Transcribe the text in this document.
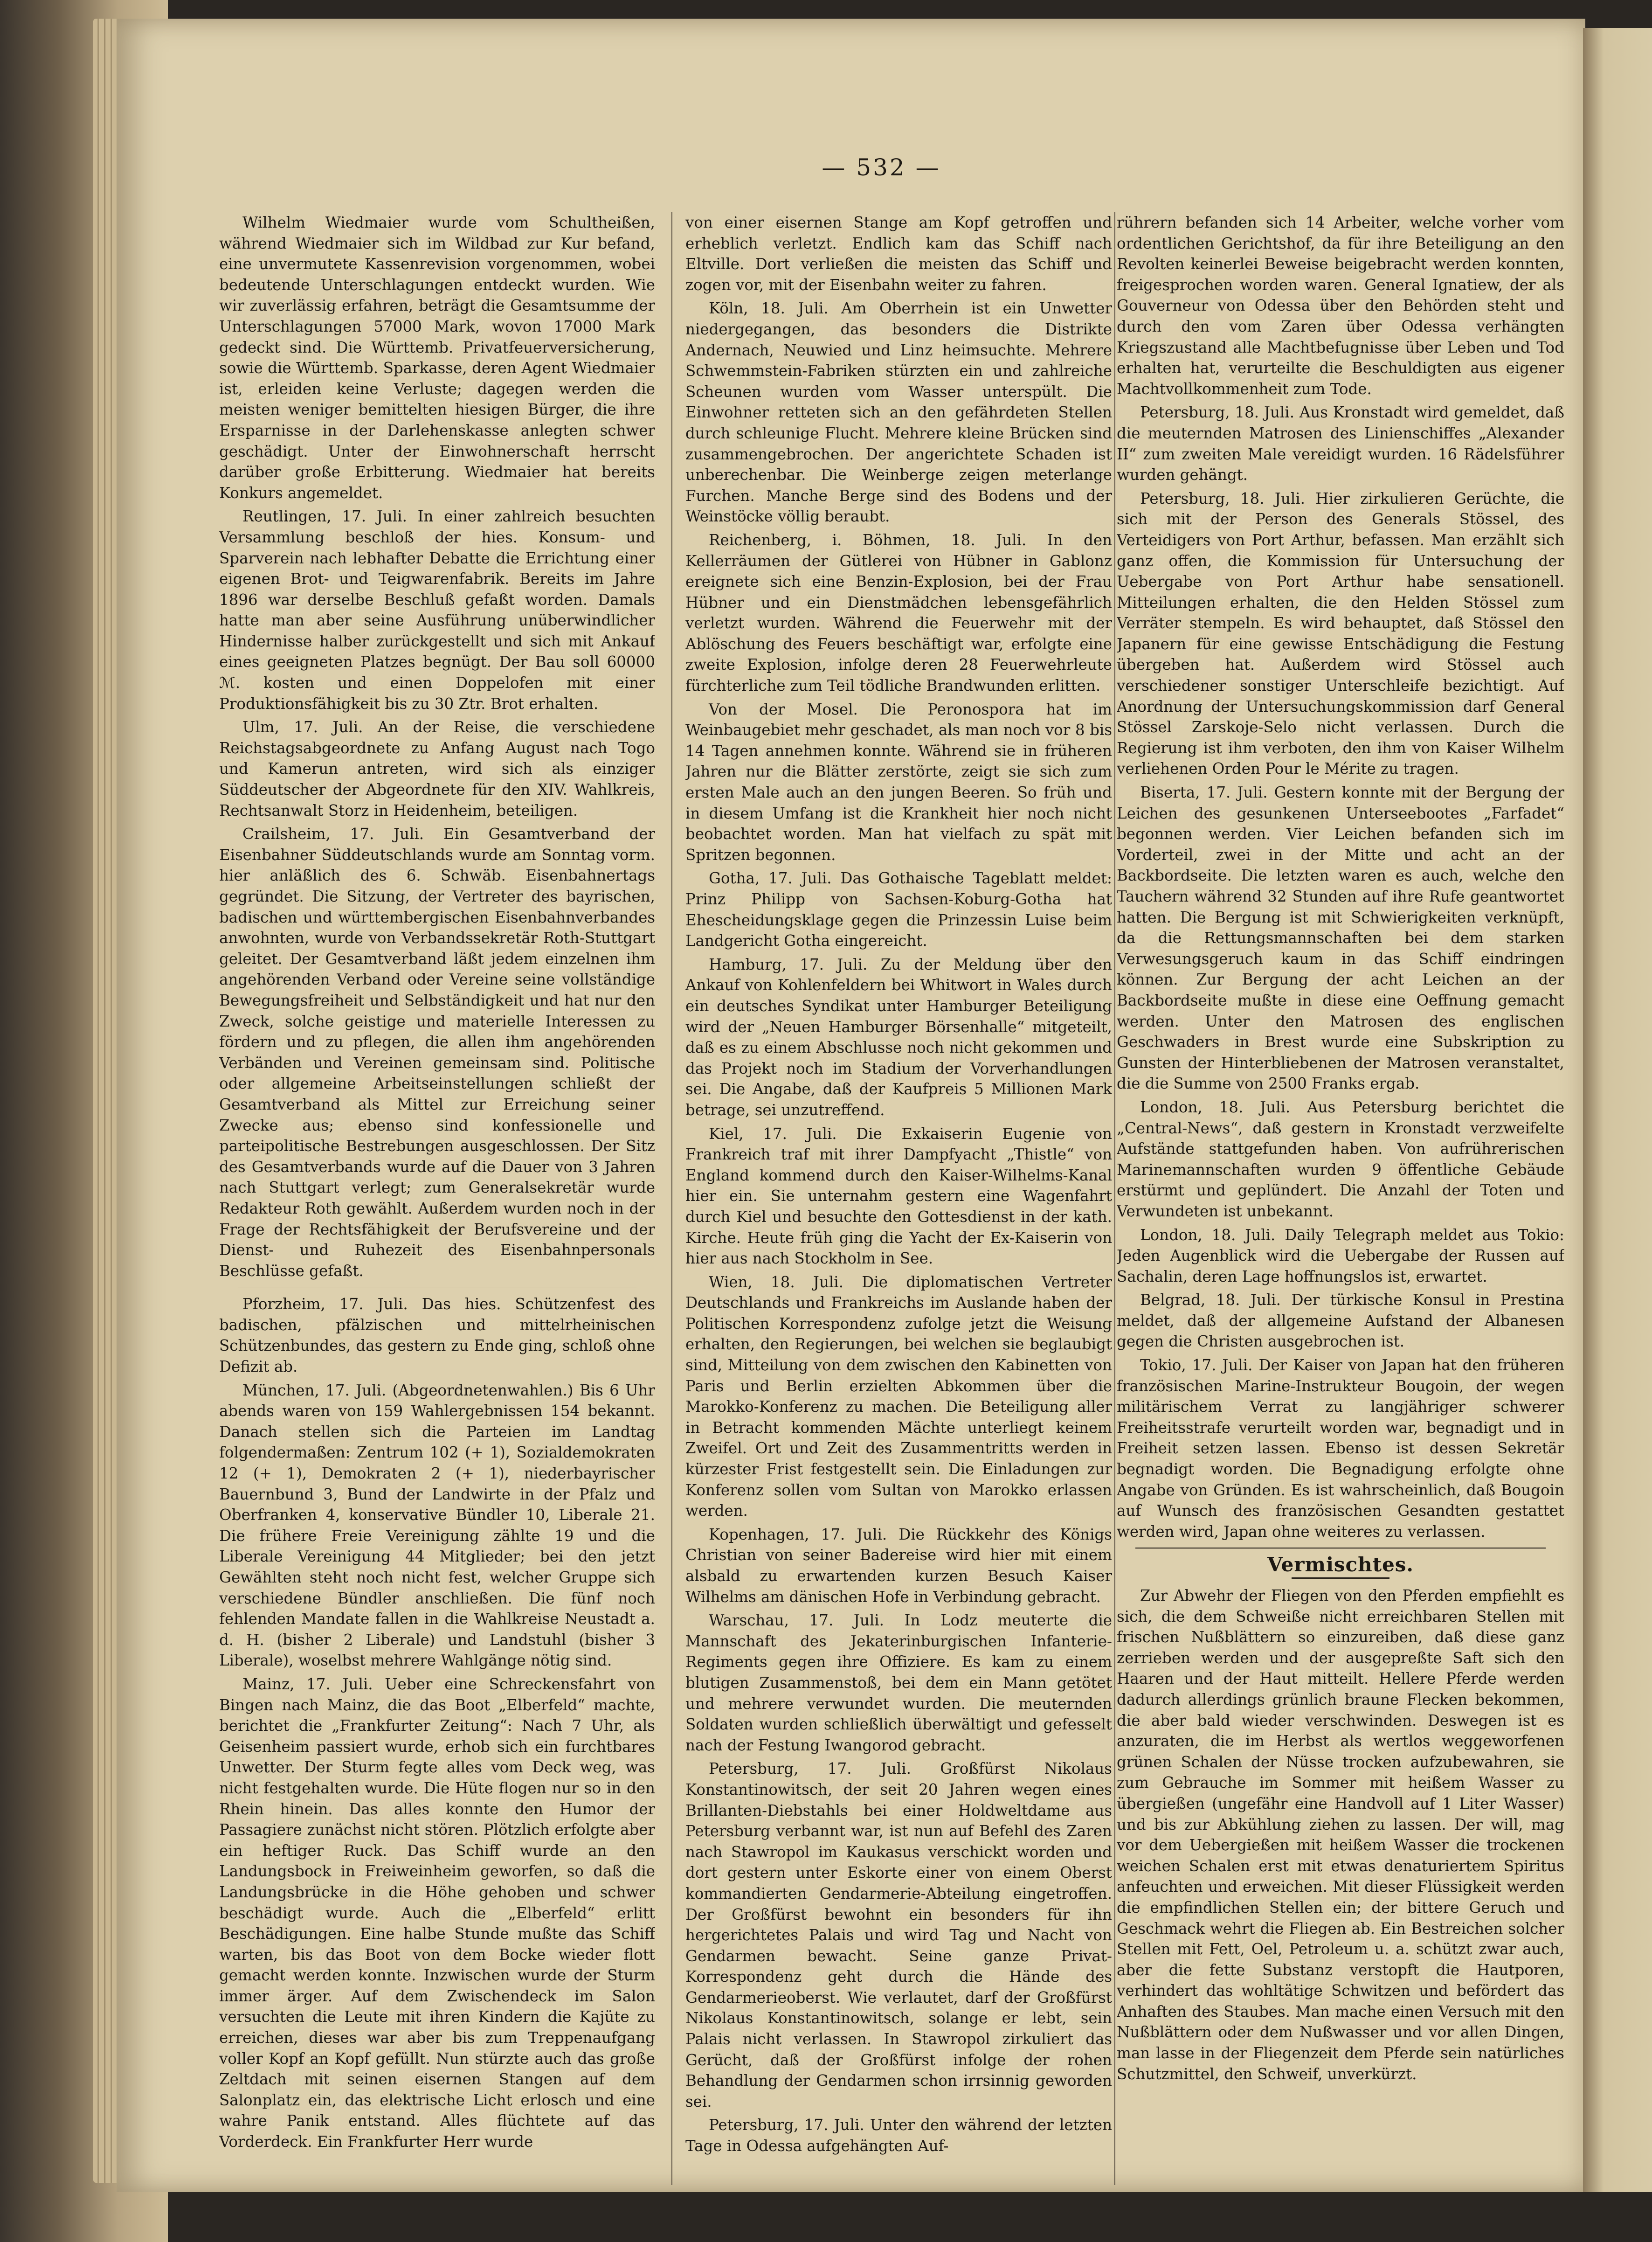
— 532 —

Wilhelm Wiedmaier wurde vom Schultheißen, während Wiedmaier sich im Wildbad zur Kur befand, eine unvermutete Kassenrevision vorgenommen, wobei bedeutende Unterschlagungen entdeckt wurden. Wie wir zuverlässig erfahren, beträgt die Gesamtsumme der Unterschlagungen 57000 Mark, wovon 17000 Mark gedeckt sind. Die Württemb. Privatfeuerversicherung, sowie die Württemb. Sparkasse, deren Agent Wiedmaier ist, erleiden keine Verluste; dagegen werden die meisten weniger bemittelten hiesigen Bürger, die ihre Ersparnisse in der Darlehenskasse anlegten schwer geschädigt. Unter der Einwohnerschaft herrscht darüber große Erbitterung. Wiedmaier hat bereits Konkurs angemeldet.

Reutlingen, 17. Juli. In einer zahlreich besuchten Versammlung beschloß der hies. Konsum- und Sparverein nach lebhafter Debatte die Errichtung einer eigenen Brot- und Teigwarenfabrik. Bereits im Jahre 1896 war derselbe Beschluß gefaßt worden. Damals hatte man aber seine Ausführung unüberwindlicher Hindernisse halber zurückgestellt und sich mit Ankauf eines geeigneten Platzes begnügt. Der Bau soll 60000 ℳ. kosten und einen Doppelofen mit einer Produktionsfähigkeit bis zu 30 Ztr. Brot erhalten.

Ulm, 17. Juli. An der Reise, die verschiedene Reichstagsabgeordnete zu Anfang August nach Togo und Kamerun antreten, wird sich als einziger Süddeutscher der Abgeordnete für den XIV. Wahlkreis, Rechtsanwalt Storz in Heidenheim, beteiligen.

Crailsheim, 17. Juli. Ein Gesamtverband der Eisenbahner Süddeutschlands wurde am Sonntag vorm. hier anläßlich des 6. Schwäb. Eisenbahnertags gegründet. Die Sitzung, der Vertreter des bayrischen, badischen und württembergischen Eisenbahnverbandes anwohnten, wurde von Verbandssekretär Roth-Stuttgart geleitet. Der Gesamtverband läßt jedem einzelnen ihm angehörenden Verband oder Vereine seine vollständige Bewegungsfreiheit und Selbständigkeit und hat nur den Zweck, solche geistige und materielle Interessen zu fördern und zu pflegen, die allen ihm angehörenden Verbänden und Vereinen gemeinsam sind. Politische oder allgemeine Arbeitseinstellungen schließt der Gesamtverband als Mittel zur Erreichung seiner Zwecke aus; ebenso sind konfessionelle und parteipolitische Bestrebungen ausgeschlossen. Der Sitz des Gesamtverbands wurde auf die Dauer von 3 Jahren nach Stuttgart verlegt; zum Generalsekretär wurde Redakteur Roth gewählt. Außerdem wurden noch in der Frage der Rechtsfähigkeit der Berufsvereine und der Dienst- und Ruhezeit des Eisenbahnpersonals Beschlüsse gefaßt.

Pforzheim, 17. Juli. Das hies. Schützenfest des badischen, pfälzischen und mittelrheinischen Schützenbundes, das gestern zu Ende ging, schloß ohne Defizit ab.

München, 17. Juli. (Abgeordnetenwahlen.) Bis 6 Uhr abends waren von 159 Wahlergebnissen 154 bekannt. Danach stellen sich die Parteien im Landtag folgendermaßen: Zentrum 102 (+ 1), Sozialdemokraten 12 (+ 1), Demokraten 2 (+ 1), niederbayrischer Bauernbund 3, Bund der Landwirte in der Pfalz und Oberfranken 4, konservative Bündler 10, Liberale 21. Die frühere Freie Vereinigung zählte 19 und die Liberale Vereinigung 44 Mitglieder; bei den jetzt Gewählten steht noch nicht fest, welcher Gruppe sich verschiedene Bündler anschließen. Die fünf noch fehlenden Mandate fallen in die Wahlkreise Neustadt a. d. H. (bisher 2 Liberale) und Landstuhl (bisher 3 Liberale), woselbst mehrere Wahlgänge nötig sind.

Mainz, 17. Juli. Ueber eine Schreckensfahrt von Bingen nach Mainz, die das Boot „Elberfeld“ machte, berichtet die „Frankfurter Zeitung“: Nach 7 Uhr, als Geisenheim passiert wurde, erhob sich ein furchtbares Unwetter. Der Sturm fegte alles vom Deck weg, was nicht festgehalten wurde. Die Hüte flogen nur so in den Rhein hinein. Das alles konnte den Humor der Passagiere zunächst nicht stören. Plötzlich erfolgte aber ein heftiger Ruck. Das Schiff wurde an den Landungsbock in Freiweinheim geworfen, so daß die Landungsbrücke in die Höhe gehoben und schwer beschädigt wurde. Auch die „Elberfeld“ erlitt Beschädigungen. Eine halbe Stunde mußte das Schiff warten, bis das Boot von dem Bocke wieder flott gemacht werden konnte. Inzwischen wurde der Sturm immer ärger. Auf dem Zwischendeck im Salon versuchten die Leute mit ihren Kindern die Kajüte zu erreichen, dieses war aber bis zum Treppenaufgang voller Kopf an Kopf gefüllt. Nun stürzte auch das große Zeltdach mit seinen eisernen Stangen auf dem Salonplatz ein, das elektrische Licht erlosch und eine wahre Panik entstand. Alles flüchtete auf das Vorderdeck. Ein Frankfurter Herr wurde

von einer eisernen Stange am Kopf getroffen und erheblich verletzt. Endlich kam das Schiff nach Eltville. Dort verließen die meisten das Schiff und zogen vor, mit der Eisenbahn weiter zu fahren.

Köln, 18. Juli. Am Oberrhein ist ein Unwetter niedergegangen, das besonders die Distrikte Andernach, Neuwied und Linz heimsuchte. Mehrere Schwemmstein-Fabriken stürzten ein und zahlreiche Scheunen wurden vom Wasser unterspült. Die Einwohner retteten sich an den gefährdeten Stellen durch schleunige Flucht. Mehrere kleine Brücken sind zusammengebrochen. Der angerichtete Schaden ist unberechenbar. Die Weinberge zeigen meterlange Furchen. Manche Berge sind des Bodens und der Weinstöcke völlig beraubt.

Reichenberg, i. Böhmen, 18. Juli. In den Kellerräumen der Gütlerei von Hübner in Gablonz ereignete sich eine Benzin-Explosion, bei der Frau Hübner und ein Dienstmädchen lebensgefährlich verletzt wurden. Während die Feuerwehr mit der Ablöschung des Feuers beschäftigt war, erfolgte eine zweite Explosion, infolge deren 28 Feuerwehrleute fürchterliche zum Teil tödliche Brandwunden erlitten.

Von der Mosel. Die Peronospora hat im Weinbaugebiet mehr geschadet, als man noch vor 8 bis 14 Tagen annehmen konnte. Während sie in früheren Jahren nur die Blätter zerstörte, zeigt sie sich zum ersten Male auch an den jungen Beeren. So früh und in diesem Umfang ist die Krankheit hier noch nicht beobachtet worden. Man hat vielfach zu spät mit Spritzen begonnen.

Gotha, 17. Juli. Das Gothaische Tageblatt meldet: Prinz Philipp von Sachsen-Koburg-Gotha hat Ehescheidungsklage gegen die Prinzessin Luise beim Landgericht Gotha eingereicht.

Hamburg, 17. Juli. Zu der Meldung über den Ankauf von Kohlenfeldern bei Whitwort in Wales durch ein deutsches Syndikat unter Hamburger Beteiligung wird der „Neuen Hamburger Börsenhalle“ mitgeteilt, daß es zu einem Abschlusse noch nicht gekommen und das Projekt noch im Stadium der Vorverhandlungen sei. Die Angabe, daß der Kaufpreis 5 Millionen Mark betrage, sei unzutreffend.

Kiel, 17. Juli. Die Exkaiserin Eugenie von Frankreich traf mit ihrer Dampfyacht „Thistle“ von England kommend durch den Kaiser-Wilhelms-Kanal hier ein. Sie unternahm gestern eine Wagenfahrt durch Kiel und besuchte den Gottesdienst in der kath. Kirche. Heute früh ging die Yacht der Ex-Kaiserin von hier aus nach Stockholm in See.

Wien, 18. Juli. Die diplomatischen Vertreter Deutschlands und Frankreichs im Auslande haben der Politischen Korrespondenz zufolge jetzt die Weisung erhalten, den Regierungen, bei welchen sie beglaubigt sind, Mitteilung von dem zwischen den Kabinetten von Paris und Berlin erzielten Abkommen über die Marokko-Konferenz zu machen. Die Beteiligung aller in Betracht kommenden Mächte unterliegt keinem Zweifel. Ort und Zeit des Zusammentritts werden in kürzester Frist festgestellt sein. Die Einladungen zur Konferenz sollen vom Sultan von Marokko erlassen werden.

Kopenhagen, 17. Juli. Die Rückkehr des Königs Christian von seiner Badereise wird hier mit einem alsbald zu erwartenden kurzen Besuch Kaiser Wilhelms am dänischen Hofe in Verbindung gebracht.

Warschau, 17. Juli. In Lodz meuterte die Mannschaft des Jekaterinburgischen Infanterie-Regiments gegen ihre Offiziere. Es kam zu einem blutigen Zusammenstoß, bei dem ein Mann getötet und mehrere verwundet wurden. Die meuternden Soldaten wurden schließlich überwältigt und gefesselt nach der Festung Iwangorod gebracht.

Petersburg, 17. Juli. Großfürst Nikolaus Konstantinowitsch, der seit 20 Jahren wegen eines Brillanten-Diebstahls bei einer Holdweltdame aus Petersburg verbannt war, ist nun auf Befehl des Zaren nach Stawropol im Kaukasus verschickt worden und dort gestern unter Eskorte einer von einem Oberst kommandierten Gendarmerie-Abteilung eingetroffen. Der Großfürst bewohnt ein besonders für ihn hergerichtetes Palais und wird Tag und Nacht von Gendarmen bewacht. Seine ganze Privat-Korrespondenz geht durch die Hände des Gendarmerieoberst. Wie verlautet, darf der Großfürst Nikolaus Konstantinowitsch, solange er lebt, sein Palais nicht verlassen. In Stawropol zirkuliert das Gerücht, daß der Großfürst infolge der rohen Behandlung der Gendarmen schon irrsinnig geworden sei.

Petersburg, 17. Juli. Unter den während der letzten Tage in Odessa aufgehängten Auf-

rührern befanden sich 14 Arbeiter, welche vorher vom ordentlichen Gerichtshof, da für ihre Beteiligung an den Revolten keinerlei Beweise beigebracht werden konnten, freigesprochen worden waren. General Ignatiew, der als Gouverneur von Odessa über den Behörden steht und durch den vom Zaren über Odessa verhängten Kriegszustand alle Machtbefugnisse über Leben und Tod erhalten hat, verurteilte die Beschuldigten aus eigener Machtvollkommenheit zum Tode.

Petersburg, 18. Juli. Aus Kronstadt wird gemeldet, daß die meuternden Matrosen des Linienschiffes „Alexander II“ zum zweiten Male vereidigt wurden. 16 Rädelsführer wurden gehängt.

Petersburg, 18. Juli. Hier zirkulieren Gerüchte, die sich mit der Person des Generals Stössel, des Verteidigers von Port Arthur, befassen. Man erzählt sich ganz offen, die Kommission für Untersuchung der Uebergabe von Port Arthur habe sensationell. Mitteilungen erhalten, die den Helden Stössel zum Verräter stempeln. Es wird behauptet, daß Stössel den Japanern für eine gewisse Entschädigung die Festung übergeben hat. Außerdem wird Stössel auch verschiedener sonstiger Unterschleife bezichtigt. Auf Anordnung der Untersuchungskommission darf General Stössel Zarskoje-Selo nicht verlassen. Durch die Regierung ist ihm verboten, den ihm von Kaiser Wilhelm verliehenen Orden Pour le Mérite zu tragen.

Biserta, 17. Juli. Gestern konnte mit der Bergung der Leichen des gesunkenen Unterseebootes „Farfadet“ begonnen werden. Vier Leichen befanden sich im Vorderteil, zwei in der Mitte und acht an der Backbordseite. Die letzten waren es auch, welche den Tauchern während 32 Stunden auf ihre Rufe geantwortet hatten. Die Bergung ist mit Schwierigkeiten verknüpft, da die Rettungsmannschaften bei dem starken Verwesungsgeruch kaum in das Schiff eindringen können. Zur Bergung der acht Leichen an der Backbordseite mußte in diese eine Oeffnung gemacht werden. Unter den Matrosen des englischen Geschwaders in Brest wurde eine Subskription zu Gunsten der Hinterbliebenen der Matrosen veranstaltet, die die Summe von 2500 Franks ergab.

London, 18. Juli. Aus Petersburg berichtet die „Central-News“, daß gestern in Kronstadt verzweifelte Aufstände stattgefunden haben. Von aufrührerischen Marinemannschaften wurden 9 öffentliche Gebäude erstürmt und geplündert. Die Anzahl der Toten und Verwundeten ist unbekannt.

London, 18. Juli. Daily Telegraph meldet aus Tokio: Jeden Augenblick wird die Uebergabe der Russen auf Sachalin, deren Lage hoffnungslos ist, erwartet.

Belgrad, 18. Juli. Der türkische Konsul in Prestina meldet, daß der allgemeine Aufstand der Albanesen gegen die Christen ausgebrochen ist.

Tokio, 17. Juli. Der Kaiser von Japan hat den früheren französischen Marine-Instrukteur Bougoin, der wegen militärischem Verrat zu langjähriger schwerer Freiheitsstrafe verurteilt worden war, begnadigt und in Freiheit setzen lassen. Ebenso ist dessen Sekretär begnadigt worden. Die Begnadigung erfolgte ohne Angabe von Gründen. Es ist wahrscheinlich, daß Bougoin auf Wunsch des französischen Gesandten gestattet werden wird, Japan ohne weiteres zu verlassen.

Vermischtes.

Zur Abwehr der Fliegen von den Pferden empfiehlt es sich, die dem Schweiße nicht erreichbaren Stellen mit frischen Nußblättern so einzureiben, daß diese ganz zerrieben werden und der ausgepreßte Saft sich den Haaren und der Haut mitteilt. Hellere Pferde werden dadurch allerdings grünlich braune Flecken bekommen, die aber bald wieder verschwinden. Deswegen ist es anzuraten, die im Herbst als wertlos weggeworfenen grünen Schalen der Nüsse trocken aufzubewahren, sie zum Gebrauche im Sommer mit heißem Wasser zu übergießen (ungefähr eine Handvoll auf 1 Liter Wasser) und bis zur Abkühlung ziehen zu lassen. Der will, mag vor dem Uebergießen mit heißem Wasser die trockenen weichen Schalen erst mit etwas denaturiertem Spiritus anfeuchten und erweichen. Mit dieser Flüssigkeit werden die empfindlichen Stellen ein; der bittere Geruch und Geschmack wehrt die Fliegen ab. Ein Bestreichen solcher Stellen mit Fett, Oel, Petroleum u. a. schützt zwar auch, aber die fette Substanz verstopft die Hautporen, verhindert das wohltätige Schwitzen und befördert das Anhaften des Staubes. Man mache einen Versuch mit den Nußblättern oder dem Nußwasser und vor allen Dingen, man lasse in der Fliegenzeit dem Pferde sein natürliches Schutzmittel, den Schweif, unverkürzt.
